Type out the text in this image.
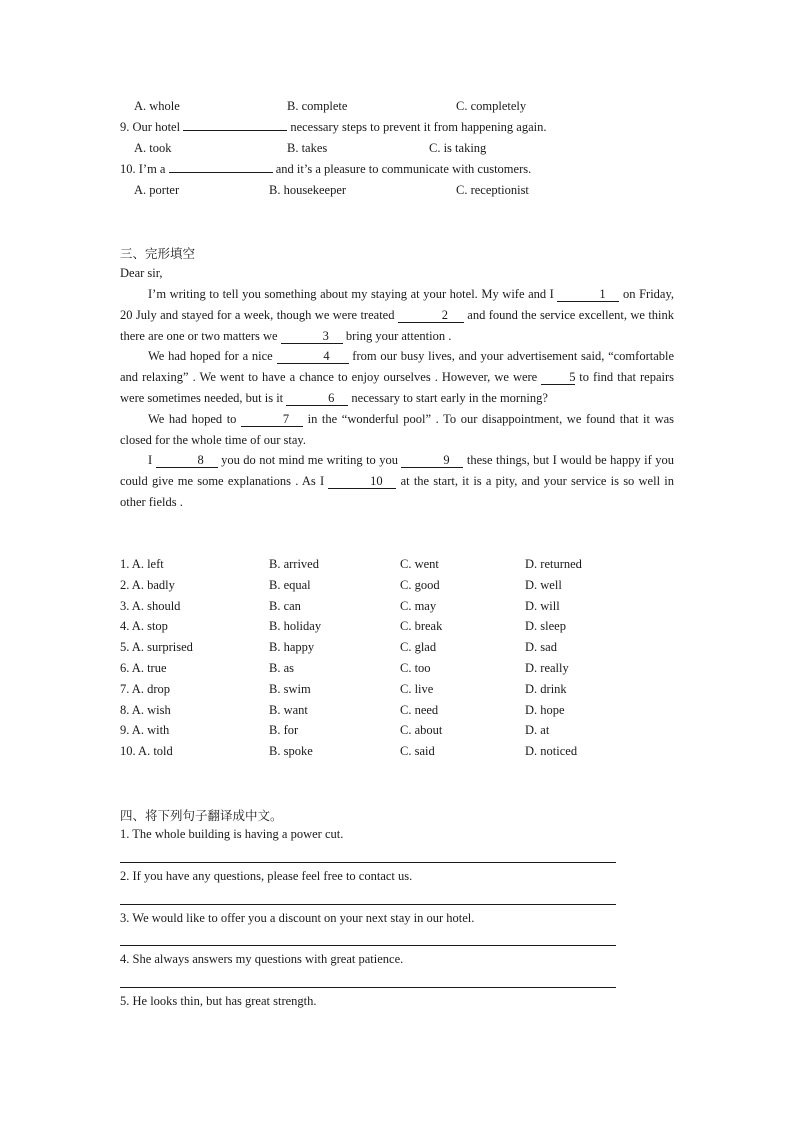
A. whole	B. complete	C. completely
9. Our hotel	necessary steps to prevent it from happening again.
A. took	B. takes	C. is taking
10. I’m a	and it’s a pleasure to communicate with customers.
A. porter	B. housekeeper	C. receptionist
三、完形填空
Dear sir,

I’m writing to tell you something about my staying at your hotel. My wife and I	1 on Friday, 20 July and stayed for a week, though we were treated	2 and found the service excellent, we think there are one or two matters we	3 bring your attention .

We had hoped for a nice	4 from our busy lives, and your advertisement said, “comfortable and relaxing” . We went to have a chance to enjoy ourselves . However, we were	5 to find that repairs were sometimes needed, but is it	6 necessary to start early in the morning?

We had hoped to	7 in the “wonderful pool” . To our disappointment, we found that it was closed for the whole time of our stay.

I	8 you do not mind me writing to you	9 these things, but I would be happy if you could give me some explanations . As I	10 at the start, it is a pity, and your service is so well in other fields .

1. A. left	B. arrived	C. went	D. returned
2. A. badly	B. equal	C. good	D. well
3. A. should	B. can	C. may	D. will
4. A. stop	B. holiday	C. break	D. sleep
5. A. surprised	B. happy	C. glad	D. sad
6. A. true	B. as	C. too	D. really
7. A. drop	B. swim	C. live	D. drink
8. A. wish	B. want	C. need	D. hope
9. A. with	B. for	C. about	D. at
10. A. told	B. spoke	C. said	D. noticed
四、将下列句子翻译成中文。
1. The whole building is having a power cut.
2. If you have any questions, please feel free to contact us.
3. We would like to offer you a discount on your next stay in our hotel.
4. She always answers my questions with great patience.
5. He looks thin, but has great strength.
